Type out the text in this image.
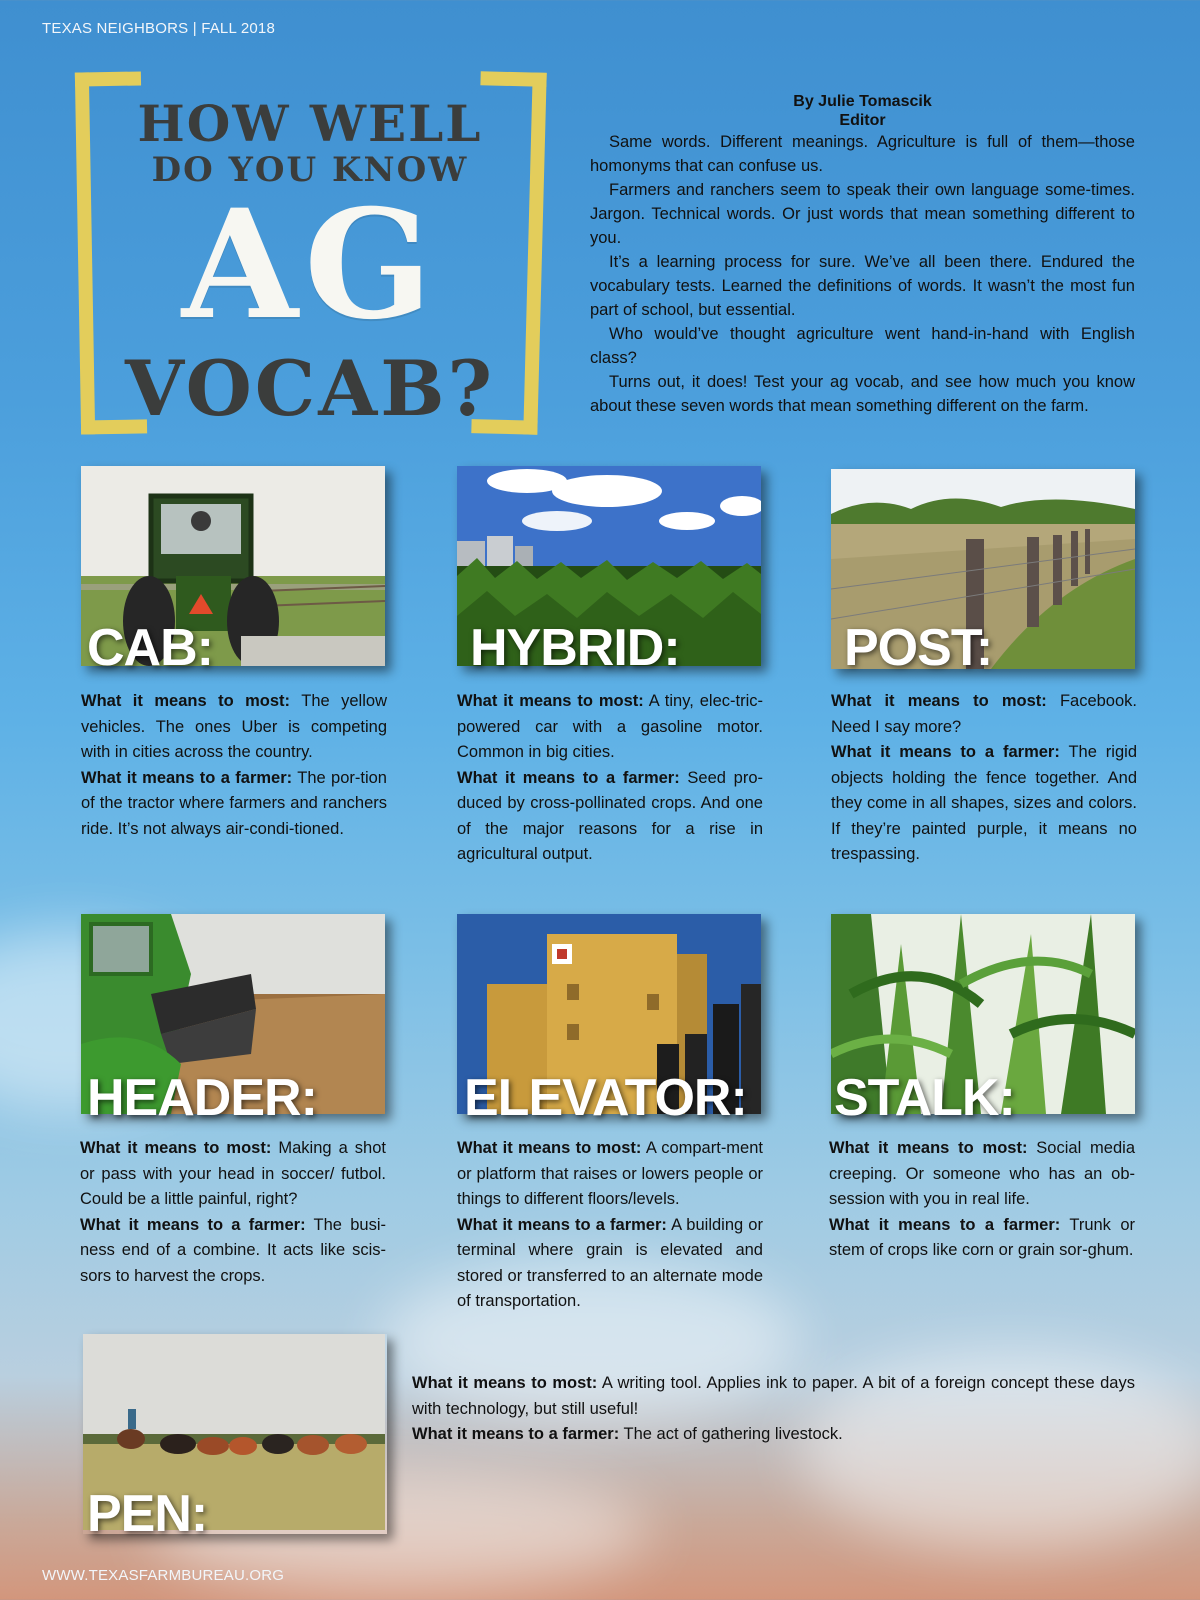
TEXAS NEIGHBORS | FALL 2018
HOW WELL
DO YOU KNOW
AG
VOCAB?

By Julie Tomascik

Editor

Same words. Different meanings. Agriculture is full of them—those homonyms that can confuse us.

Farmers and ranchers seem to speak their own language some-times. Jargon. Technical words. Or just words that mean something different to you.

It’s a learning process for sure. We’ve all been there. Endured the vocabulary tests. Learned the definitions of words. It wasn’t the most fun part of school, but essential.

Who would’ve thought agriculture went hand-in-hand with English class?

Turns out, it does! Test your ag vocab, and see how much you know about these seven words that mean something different on the farm.

CAB:

What it means to most: The yellow vehicles. The ones Uber is competing with in cities across the country.

What it means to a farmer: The por-tion of the tractor where farmers and ranchers ride. It’s not always air-condi-tioned.

HYBRID:

What it means to most: A tiny, elec-tric-powered car with a gasoline motor. Common in big cities.

What it means to a farmer: Seed pro-duced by cross-pollinated crops. And one of the major reasons for a rise in agricultural output.

POST:

What it means to most: Facebook. Need I say more?

What it means to a farmer: The rigid objects holding the fence together. And they come in all shapes, sizes and colors. If they’re painted purple, it means no trespassing.

HEADER:

What it means to most: Making a shot or pass with your head in soccer/ futbol. Could be a little painful, right?

What it means to a farmer: The busi-ness end of a combine. It acts like scis-sors to harvest the crops.

ELEVATOR:

What it means to most: A compart-ment or platform that raises or lowers people or things to different floors/levels.

What it means to a farmer: A building or terminal where grain is elevated and stored or transferred to an alternate mode of transportation.

STALK:

What it means to most: Social media creeping. Or someone who has an ob-session with you in real life.

What it means to a farmer: Trunk or stem of crops like corn or grain sor-ghum.

PEN:

What it means to most: A writing tool. Applies ink to paper. A bit of a foreign concept these days with technology, but still useful!

What it means to a farmer: The act of gathering livestock.

WWW.TEXASFARMBUREAU.ORG
